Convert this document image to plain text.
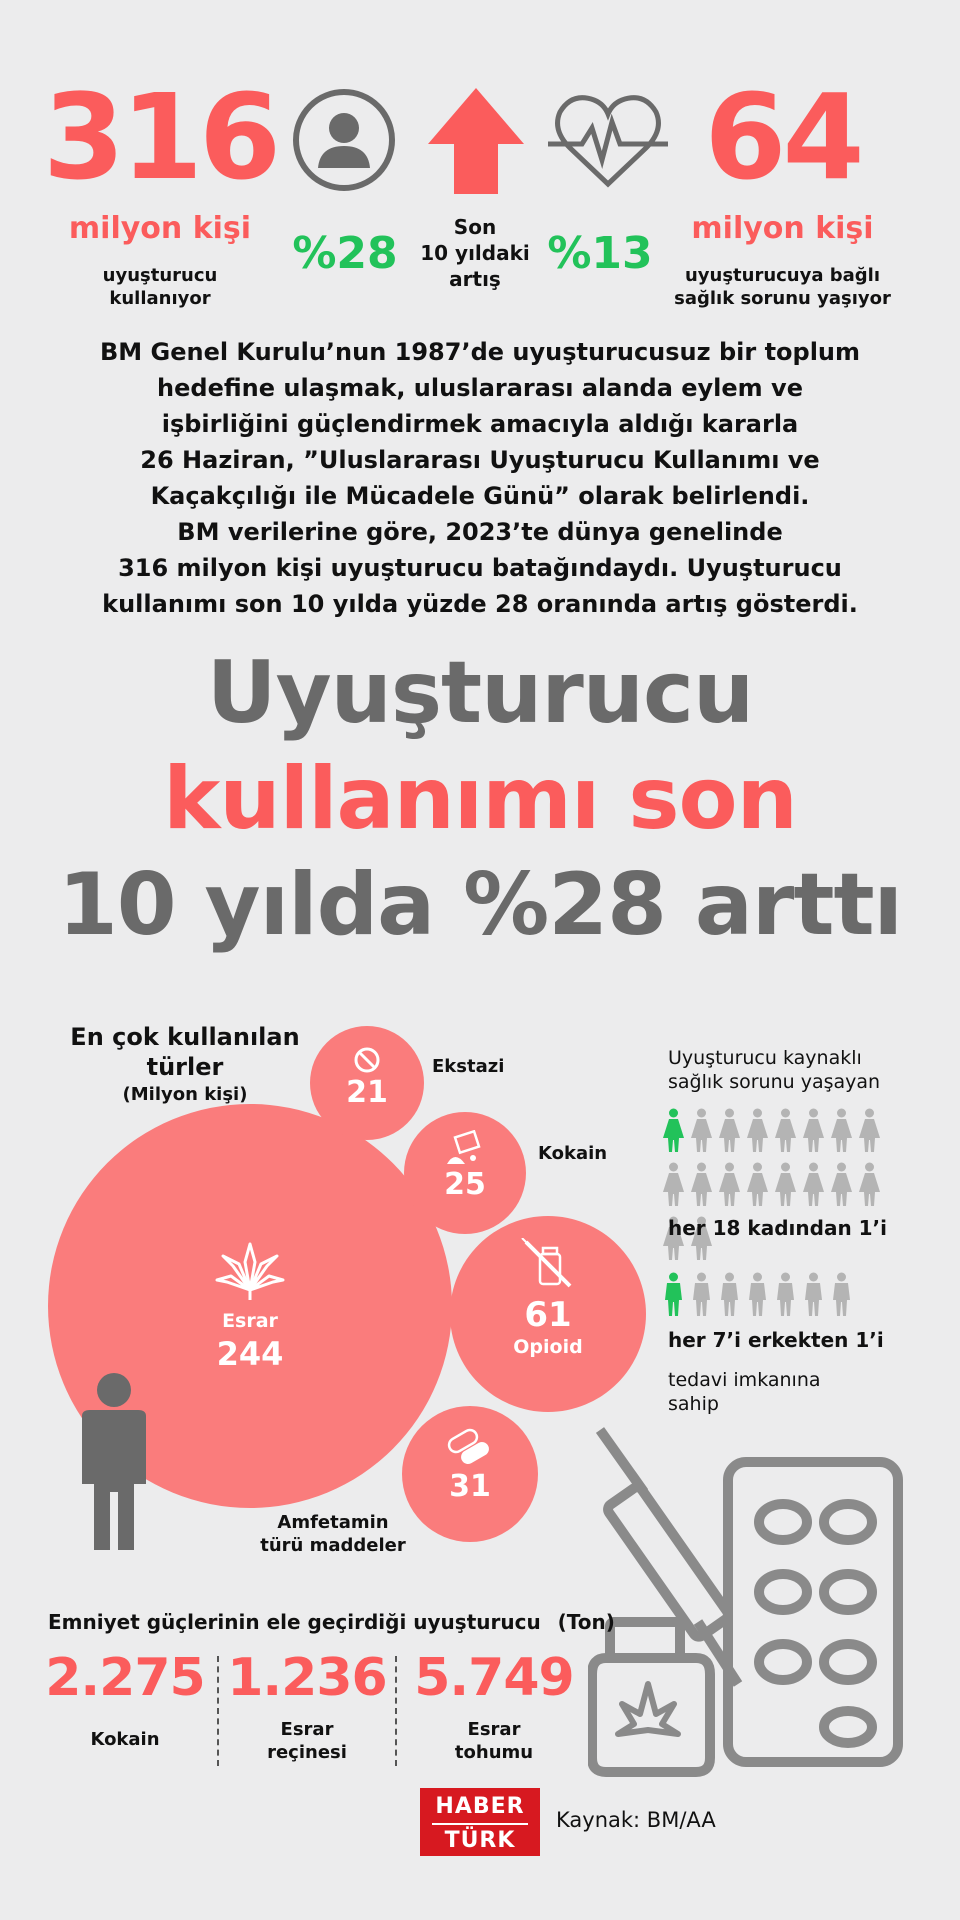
316
milyon kişi
uyuşturucu
kullanıyor
%28
Son
10 yıldaki
artış	%13
64
milyon kişi
uyuşturucuya bağlı
sağlık sorunu yaşıyor
BM Genel Kurulu’nun 1987’de uyuşturucusuz bir toplum
hedefine ulaşmak, uluslararası alanda eylem ve
işbirliğini güçlendirmek amacıyla aldığı kararla
26 Haziran, ”Uluslararası Uyuşturucu Kullanımı ve
Kaçakçılığı ile Mücadele Günü” olarak belirlendi.
BM verilerine göre, 2023’te dünya genelinde
316 milyon kişi uyuşturucu batağındaydı. Uyuşturucu
kullanımı son 10 yılda yüzde 28 oranında artış gösterdi.
Uyuşturucu
kullanımı son
10 yılda %28 arttı
En çok kullanılan
türler
(Milyon kişi)
Esrar
244
21
Ekstazi
25
Kokain
61
Opioid
31
Amfetamin
türü maddeler
Uyuşturucu kaynaklı
sağlık sorunu yaşayan
her 18 kadından 1’i
her 7’i erkekten 1’i
tedavi imkanına
sahip
Emniyet güçlerinin ele geçirdiği uyuşturucu (Ton)
2.275
Kokain
1.236
Esrar
reçinesi
5.749
Esrar
tohumu
HABER
TÜRK
Kaynak: BM/AA
